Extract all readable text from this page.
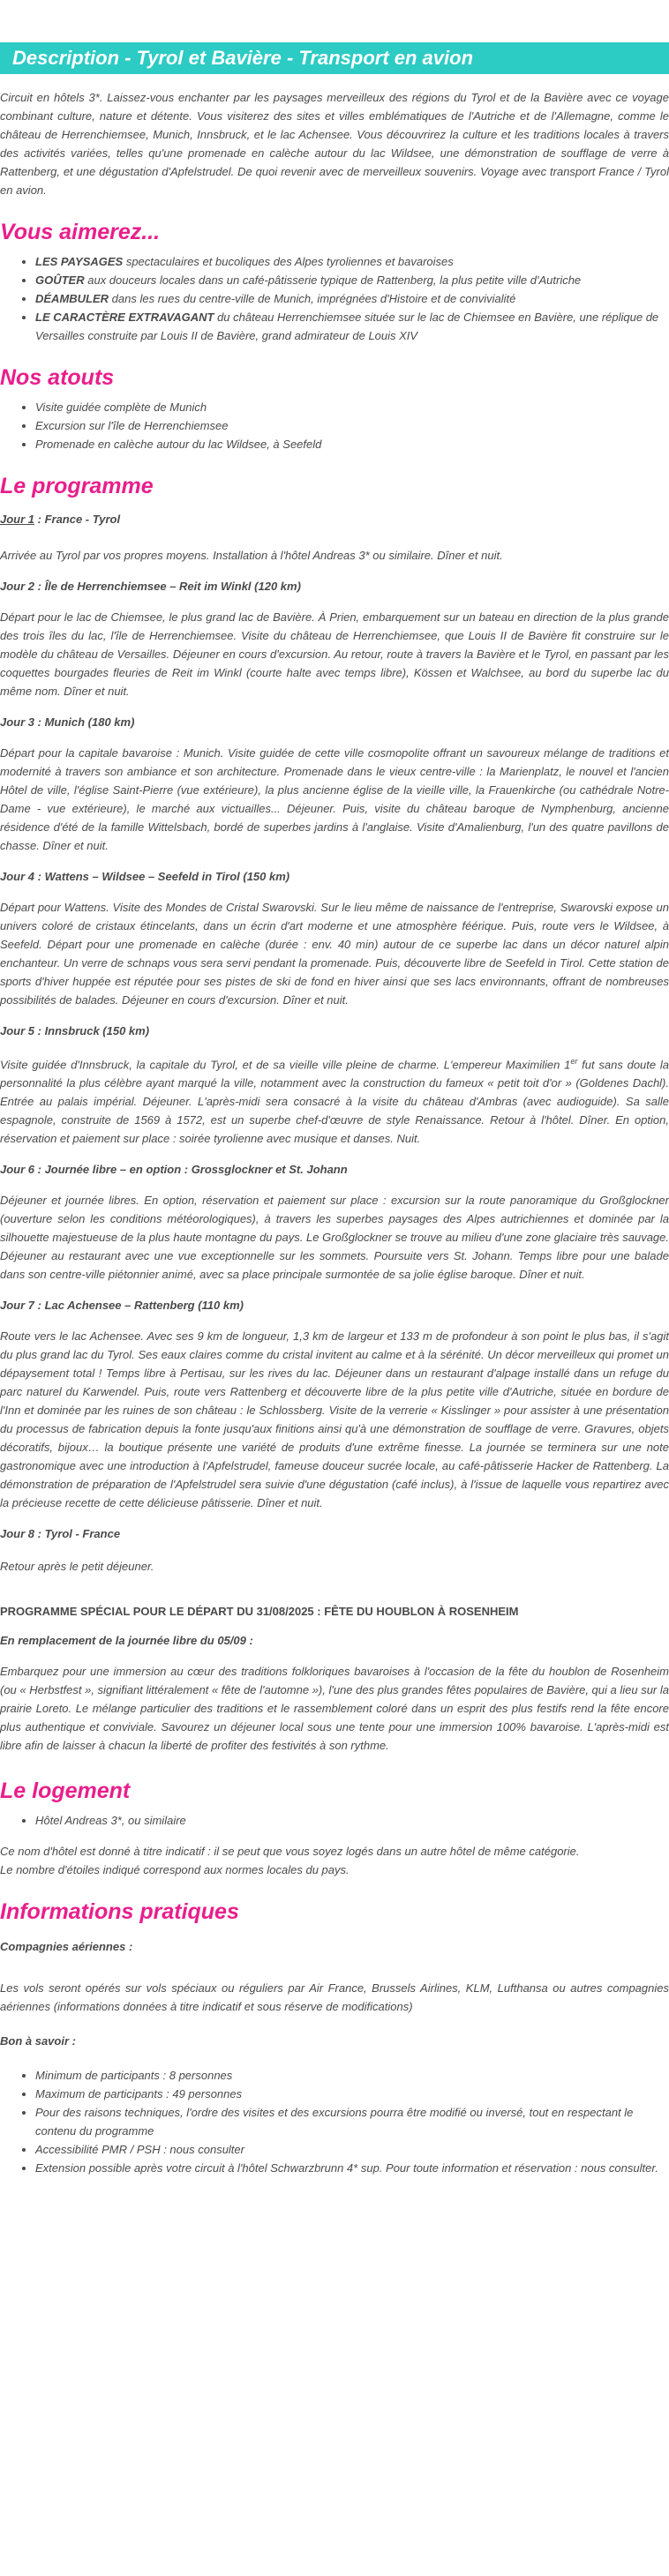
Description - Tyrol et Bavière - Transport en avion

Circuit en hôtels 3*. Laissez-vous enchanter par les paysages merveilleux des régions du Tyrol et de la Bavière avec ce voyage combinant culture, nature et détente. Vous visiterez des sites et villes emblématiques de l'Autriche et de l'Allemagne, comme le château de Herrenchiemsee, Munich, Innsbruck, et le lac Achensee. Vous découvrirez la culture et les traditions locales à travers des activités variées, telles qu'une promenade en calèche autour du lac Wildsee, une démonstration de soufflage de verre à Rattenberg, et une dégustation d'Apfelstrudel. De quoi revenir avec de merveilleux souvenirs. Voyage avec transport France / Tyrol en avion.

Vous aimerez...
• LES PAYSAGES spectaculaires et bucoliques des Alpes tyroliennes et bavaroises
• GOÛTER aux douceurs locales dans un café-pâtisserie typique de Rattenberg, la plus petite ville d'Autriche
• DÉAMBULER dans les rues du centre-ville de Munich, imprégnées d'Histoire et de convivialité
• LE CARACTÈRE EXTRAVAGANT du château Herrenchiemsee située sur le lac de Chiemsee en Bavière, une réplique de Versailles construite par Louis II de Bavière, grand admirateur de Louis XIV
Nos atouts
• Visite guidée complète de Munich
• Excursion sur l'île de Herrenchiemsee
• Promenade en calèche autour du lac Wildsee, à Seefeld
Le programme

Jour 1 : France - Tyrol

Arrivée au Tyrol par vos propres moyens. Installation à l'hôtel Andreas 3* ou similaire. Dîner et nuit.

Jour 2 : Île de Herrenchiemsee – Reit im Winkl (120 km)

Départ pour le lac de Chiemsee, le plus grand lac de Bavière. À Prien, embarquement sur un bateau en direction de la plus grande des trois îles du lac, l'île de Herrenchiemsee. Visite du château de Herrenchiemsee, que Louis II de Bavière fit construire sur le modèle du château de Versailles. Déjeuner en cours d'excursion. Au retour, route à travers la Bavière et le Tyrol, en passant par les coquettes bourgades fleuries de Reit im Winkl (courte halte avec temps libre), Kössen et Walchsee, au bord du superbe lac du même nom. Dîner et nuit.

Jour 3 : Munich (180 km)

Départ pour la capitale bavaroise : Munich. Visite guidée de cette ville cosmopolite offrant un savoureux mélange de traditions et modernité à travers son ambiance et son architecture. Promenade dans le vieux centre-ville : la Marienplatz, le nouvel et l'ancien Hôtel de ville, l'église Saint-Pierre (vue extérieure), la plus ancienne église de la vieille ville, la Frauenkirche (ou cathédrale Notre-Dame - vue extérieure), le marché aux victuailles... Déjeuner. Puis, visite du château baroque de Nymphenburg, ancienne résidence d'été de la famille Wittelsbach, bordé de superbes jardins à l'anglaise. Visite d'Amalienburg, l'un des quatre pavillons de chasse. Dîner et nuit.

Jour 4 : Wattens – Wildsee – Seefeld in Tirol (150 km)

Départ pour Wattens. Visite des Mondes de Cristal Swarovski. Sur le lieu même de naissance de l'entreprise, Swarovski expose un univers coloré de cristaux étincelants, dans un écrin d'art moderne et une atmosphère féérique. Puis, route vers le Wildsee, à Seefeld. Départ pour une promenade en calèche (durée : env. 40 min) autour de ce superbe lac dans un décor naturel alpin enchanteur. Un verre de schnaps vous sera servi pendant la promenade. Puis, découverte libre de Seefeld in Tirol. Cette station de sports d'hiver huppée est réputée pour ses pistes de ski de fond en hiver ainsi que ses lacs environnants, offrant de nombreuses possibilités de balades. Déjeuner en cours d'excursion. Dîner et nuit.

Jour 5 : Innsbruck (150 km)

Visite guidée d'Innsbruck, la capitale du Tyrol, et de sa vieille ville pleine de charme. L'empereur Maximilien 1er fut sans doute la personnalité la plus célèbre ayant marqué la ville, notamment avec la construction du fameux « petit toit d'or » (Goldenes Dachl). Entrée au palais impérial. Déjeuner. L'après-midi sera consacré à la visite du château d'Ambras (avec audioguide). Sa salle espagnole, construite de 1569 à 1572, est un superbe chef-d'œuvre de style Renaissance. Retour à l'hôtel. Dîner. En option, réservation et paiement sur place : soirée tyrolienne avec musique et danses. Nuit.

Jour 6 : Journée libre – en option : Grossglockner et St. Johann

Déjeuner et journée libres. En option, réservation et paiement sur place : excursion sur la route panoramique du Großglockner (ouverture selon les conditions météorologiques), à travers les superbes paysages des Alpes autrichiennes et dominée par la silhouette majestueuse de la plus haute montagne du pays. Le Großglockner se trouve au milieu d'une zone glaciaire très sauvage. Déjeuner au restaurant avec une vue exceptionnelle sur les sommets. Poursuite vers St. Johann. Temps libre pour une balade dans son centre-ville piétonnier animé, avec sa place principale surmontée de sa jolie église baroque. Dîner et nuit.

Jour 7 : Lac Achensee – Rattenberg (110 km)

Route vers le lac Achensee. Avec ses 9 km de longueur, 1,3 km de largeur et 133 m de profondeur à son point le plus bas, il s'agit du plus grand lac du Tyrol. Ses eaux claires comme du cristal invitent au calme et à la sérénité. Un décor merveilleux qui promet un dépaysement total ! Temps libre à Pertisau, sur les rives du lac. Déjeuner dans un restaurant d'alpage installé dans un refuge du parc naturel du Karwendel. Puis, route vers Rattenberg et découverte libre de la plus petite ville d'Autriche, située en bordure de l'Inn et dominée par les ruines de son château : le Schlossberg. Visite de la verrerie « Kisslinger » pour assister à une présentation du processus de fabrication depuis la fonte jusqu'aux finitions ainsi qu'à une démonstration de soufflage de verre. Gravures, objets décoratifs, bijoux… la boutique présente une variété de produits d'une extrême finesse. La journée se terminera sur une note gastronomique avec une introduction à l'Apfelstrudel, fameuse douceur sucrée locale, au café-pâtisserie Hacker de Rattenberg. La démonstration de préparation de l'Apfelstrudel sera suivie d'une dégustation (café inclus), à l'issue de laquelle vous repartirez avec la précieuse recette de cette délicieuse pâtisserie. Dîner et nuit.

Jour 8 : Tyrol - France

Retour après le petit déjeuner.

PROGRAMME SPÉCIAL POUR LE DÉPART DU 31/08/2025 : FÊTE DU HOUBLON À ROSENHEIM

En remplacement de la journée libre du 05/09 :

Embarquez pour une immersion au cœur des traditions folkloriques bavaroises à l'occasion de la fête du houblon de Rosenheim (ou « Herbstfest », signifiant littéralement « fête de l'automne »), l'une des plus grandes fêtes populaires de Bavière, qui a lieu sur la prairie Loreto. Le mélange particulier des traditions et le rassemblement coloré dans un esprit des plus festifs rend la fête encore plus authentique et conviviale. Savourez un déjeuner local sous une tente pour une immersion 100% bavaroise. L'après-midi est libre afin de laisser à chacun la liberté de profiter des festivités à son rythme.

Le logement
• Hôtel Andreas 3*, ou similaire

Ce nom d'hôtel est donné à titre indicatif : il se peut que vous soyez logés dans un autre hôtel de même catégorie.

Le nombre d'étoiles indiqué correspond aux normes locales du pays.

Informations pratiques

Compagnies aériennes :

Les vols seront opérés sur vols spéciaux ou réguliers par Air France, Brussels Airlines, KLM, Lufthansa ou autres compagnies aériennes (informations données à titre indicatif et sous réserve de modifications)

Bon à savoir :

• Minimum de participants : 8 personnes
• Maximum de participants : 49 personnes
• Pour des raisons techniques, l'ordre des visites et des excursions pourra être modifié ou inversé, tout en respectant le contenu du programme
• Accessibilité PMR / PSH : nous consulter
• Extension possible après votre circuit à l'hôtel Schwarzbrunn 4* sup. Pour toute information et réservation : nous consulter.
